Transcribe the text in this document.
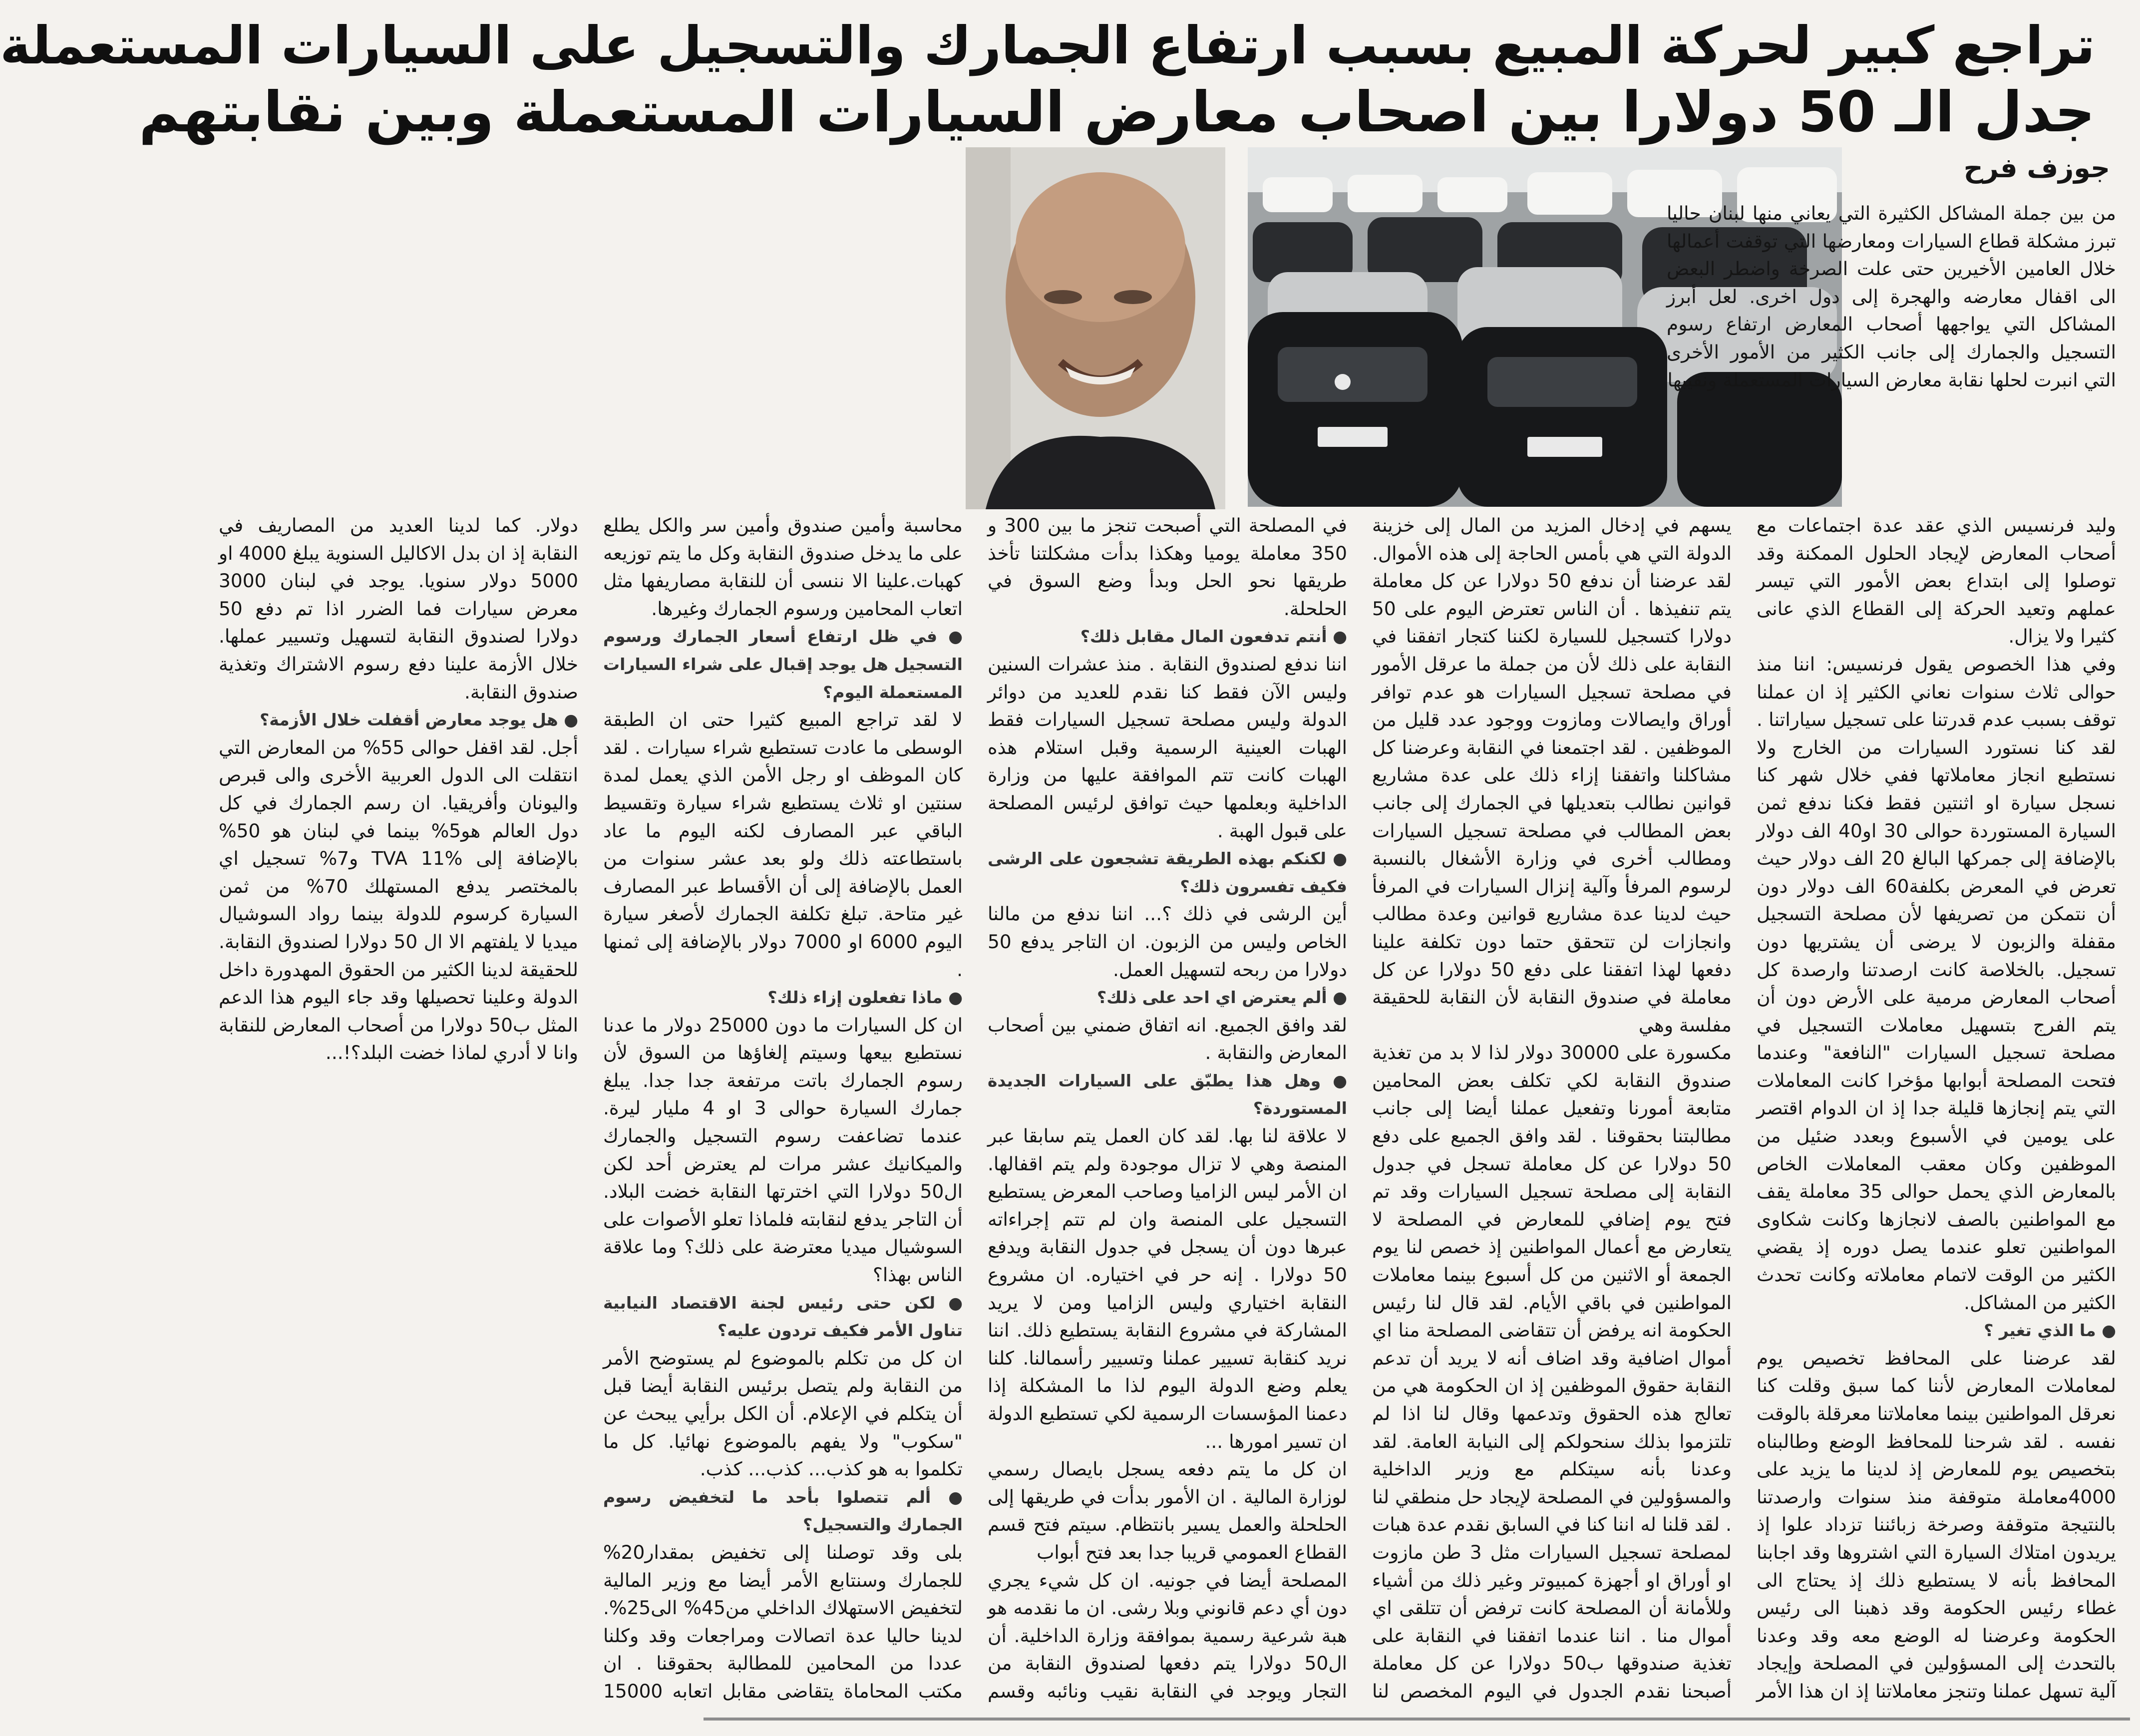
تراجع كبير لحركة المبيع بسبب ارتفاع الجمارك والتسجيل على السيارات المستعملة
جدل الـ 50 دولارا بين اصحاب معارض السيارات المستعملة وبين نقابتهم
جوزف فرح

من بين جملة المشاكل الكثيرة التي يعاني منها لبنان حاليا تبرز مشكلة قطاع السيارات ومعارضها التي توقفت أعمالها خلال العامين الأخيرين حتى علت الصرخة واضطر البعض الى اقفال معارضه والهجرة إلى دول اخرى. لعل أبرز المشاكل التي يواجهها أصحاب المعارض ارتفاع رسوم التسجيل والجمارك إلى جانب الكثير من الأمور الأخرى التي انبرت لحلها نقابة معارض السيارات المستعملة ونقيبها

وليد فرنسيس الذي عقد عدة اجتماعات مع أصحاب المعارض لإيجاد الحلول الممكنة وقد توصلوا إلى ابتداع بعض الأمور التي تيسر عملهم وتعيد الحركة إلى القطاع الذي عانى كثيرا ولا يزال.

وفي هذا الخصوص يقول فرنسيس: اننا منذ حوالى ثلاث سنوات نعاني الكثير إذ ان عملنا توقف بسبب عدم قدرتنا على تسجيل سياراتنا . لقد كنا نستورد السيارات من الخارج ولا نستطيع انجاز معاملاتها ففي خلال شهر كنا نسجل سيارة او اثنتين فقط فكنا ندفع ثمن السيارة المستوردة حوالى 30 او40 الف دولار بالإضافة إلى جمركها البالغ 20 الف دولار حيث تعرض في المعرض بكلفة60 الف دولار دون أن نتمكن من تصريفها لأن مصلحة التسجيل مقفلة والزبون لا يرضى أن يشتريها دون تسجيل. بالخلاصة كانت ارصدتنا وارصدة كل أصحاب المعارض مرمية على الأرض دون أن يتم الفرج بتسهيل معاملات التسجيل في مصلحة تسجيل السيارات "النافعة" وعندما فتحت المصلحة أبوابها مؤخرا كانت المعاملات التي يتم إنجازها قليلة جدا إذ ان الدوام اقتصر على يومين في الأسبوع وبعدد ضئيل من الموظفين وكان معقب المعاملات الخاص بالمعارض الذي يحمل حوالى 35 معاملة يقف مع المواطنين بالصف لانجازها وكانت شكاوى المواطنين تعلو عندما يصل دوره إذ يقضي الكثير من الوقت لاتمام معاملاته وكانت تحدث الكثير من المشاكل.

● ما الذي تغير ؟

لقد عرضنا على المحافظ تخصيص يوم لمعاملات المعارض لأننا كما سبق وقلت كنا نعرقل المواطنين بينما معاملاتنا معرقلة بالوقت نفسه . لقد شرحنا للمحافظ الوضع وطالبناه بتخصيص يوم للمعارض إذ لدينا ما يزيد على 4000معاملة متوقفة منذ سنوات وارصدتنا بالنتيجة متوقفة وصرخة زبائننا تزداد علوا إذ يريدون امتلاك السيارة التي اشتروها وقد اجابنا المحافظ بأنه لا يستطيع ذلك إذ يحتاج الى غطاء رئيس الحكومة وقد ذهبنا الى رئيس الحكومة وعرضنا له الوضع معه وقد وعدنا بالتحدث إلى المسؤولين في المصلحة وإيجاد آلية تسهل عملنا وتنجز معاملاتنا إذ ان هذا الأمر يسهم في إدخال المزيد من المال إلى خزينة الدولة التي هي بأمس الحاجة إلى هذه الأموال. لقد عرضنا أن ندفع 50 دولارا عن كل معاملة يتم تنفيذها . أن الناس تعترض اليوم على 50 دولارا كتسجيل للسيارة لكننا كتجار اتفقنا في النقابة على ذلك لأن من جملة ما عرقل الأمور في مصلحة تسجيل السيارات هو عدم توافر أوراق وايصالات ومازوت ووجود عدد قليل من الموظفين . لقد اجتمعنا في النقابة وعرضنا كل مشاكلنا واتفقنا إزاء ذلك على عدة مشاريع قوانين نطالب بتعديلها في الجمارك إلى جانب بعض المطالب في مصلحة تسجيل السيارات ومطالب أخرى في وزارة الأشغال بالنسبة لرسوم المرفأ وآلية إنزال السيارات في المرفأ حيث لدينا عدة مشاريع قوانين وعدة مطالب وانجازات لن تتحقق حتما دون تكلفة علينا دفعها لهذا اتفقنا على دفع 50 دولارا عن كل معاملة في صندوق النقابة لأن النقابة للحقيقة مفلسة وهي

مكسورة على 30000 دولار لذا لا بد من تغذية صندوق النقابة لكي تكلف بعض المحامين متابعة أمورنا وتفعيل عملنا أيضا إلى جانب مطالبتنا بحقوقنا . لقد وافق الجميع على دفع 50 دولارا عن كل معاملة تسجل في جدول النقابة إلى مصلحة تسجيل السيارات وقد تم فتح يوم إضافي للمعارض في المصلحة لا يتعارض مع أعمال المواطنين إذ خصص لنا يوم الجمعة أو الاثنين من كل أسبوع بينما معاملات المواطنين في باقي الأيام. لقد قال لنا رئيس الحكومة انه يرفض أن تتقاضى المصلحة منا اي أموال اضافية وقد اضاف أنه لا يريد أن تدعم النقابة حقوق الموظفين إذ ان الحكومة هي من تعالج هذه الحقوق وتدعمها وقال لنا اذا لم تلتزموا بذلك سنحولكم إلى النيابة العامة. لقد وعدنا بأنه سيتكلم مع وزير الداخلية والمسؤولين في المصلحة لإيجاد حل منطقي لنا . لقد قلنا له اننا كنا في السابق نقدم عدة هبات لمصلحة تسجيل السيارات مثل 3 طن مازوت او أوراق او أجهزة كمبيوتر وغير ذلك من أشياء وللأمانة أن المصلحة كانت ترفض أن تتلقى اي أموال منا . اننا عندما اتفقنا في النقابة على تغذية صندوقها ب50 دولارا عن كل معاملة أصبحنا نقدم الجدول في اليوم المخصص لنا في المصلحة التي أصبحت تنجز ما بين 300 و 350 معاملة يوميا وهكذا بدأت مشكلتنا تأخذ طريقها نحو الحل وبدأ وضع السوق في الحلحلة.

● أنتم تدفعون المال مقابل ذلك؟

اننا ندفع لصندوق النقابة . منذ عشرات السنين وليس الآن فقط كنا نقدم للعديد من دوائر الدولة وليس مصلحة تسجيل السيارات فقط الهبات العينية الرسمية وقبل استلام هذه الهبات كانت تتم الموافقة عليها من وزارة الداخلية وبعلمها حيث توافق لرئيس المصلحة على قبول الهبة .

● لكنكم بهذه الطريقة تشجعون على الرشى فكيف تفسرون ذلك؟

أين الرشى في ذلك ؟... اننا ندفع من مالنا الخاص وليس من الزبون. ان التاجر يدفع 50 دولارا من ربحه لتسهيل العمل.

● ألم يعترض اي احد على ذلك؟

لقد وافق الجميع. انه اتفاق ضمني بين أصحاب المعارض والنقابة .

● وهل هذا يطبّق على السيارات الجديدة المستوردة؟

لا علاقة لنا بها. لقد كان العمل يتم سابقا عبر المنصة وهي لا تزال موجودة ولم يتم اقفالها. ان الأمر ليس الزاميا وصاحب المعرض يستطيع التسجيل على المنصة وان لم تتم إجراءاته عبرها دون أن يسجل في جدول النقابة ويدفع 50 دولارا . إنه حر في اختياره. ان مشروع النقابة اختياري وليس الزاميا ومن لا يريد المشاركة في مشروع النقابة يستطيع ذلك. اننا نريد كنقابة تسيير عملنا وتسيير رأسمالنا. كلنا يعلم وضع الدولة اليوم لذا ما المشكلة إذا دعمنا المؤسسات الرسمية لكي تستطيع الدولة ان تسير امورها ...

ان كل ما يتم دفعه يسجل بايصال رسمي لوزارة المالية . ان الأمور بدأت في طريقها إلى الحلحلة والعمل يسير بانتظام. سيتم فتح قسم القطاع العمومي قريبا جدا بعد فتح أبواب

المصلحة أيضا في جونيه. ان كل شيء يجري دون أي دعم قانوني وبلا رشى. ان ما نقدمه هو هبة شرعية رسمية بموافقة وزارة الداخلية. أن ال50 دولارا يتم دفعها لصندوق النقابة من التجار ويوجد في النقابة نقيب ونائبه وقسم محاسبة وأمين صندوق وأمين سر والكل يطلع على ما يدخل صندوق النقابة وكل ما يتم توزيعه كهبات.علينا الا ننسى أن للنقابة مصاريفها مثل اتعاب المحامين ورسوم الجمارك وغيرها.

● في ظل ارتفاع أسعار الجمارك ورسوم التسجيل هل يوجد إقبال على شراء السيارات المستعملة اليوم؟

لا لقد تراجع المبيع كثيرا حتى ان الطبقة الوسطى ما عادت تستطيع شراء سيارات . لقد كان الموظف او رجل الأمن الذي يعمل لمدة سنتين او ثلاث يستطيع شراء سيارة وتقسيط الباقي عبر المصارف لكنه اليوم ما عاد باستطاعته ذلك ولو بعد عشر سنوات من العمل بالإضافة إلى أن الأقساط عبر المصارف غير متاحة. تبلغ تكلفة الجمارك لأصغر سيارة اليوم 6000 او 7000 دولار بالإضافة إلى ثمنها .

● ماذا تفعلون إزاء ذلك؟

ان كل السيارات ما دون 25000 دولار ما عدنا نستطيع بيعها وسيتم إلغاؤها من السوق لأن رسوم الجمارك باتت مرتفعة جدا جدا. يبلغ جمارك السيارة حوالى 3 او 4 مليار ليرة. عندما تضاعفت رسوم التسجيل والجمارك والميكانيك عشر مرات لم يعترض أحد لكن ال50 دولارا التي اخترتها النقابة خضت البلاد. أن التاجر يدفع لنقابته فلماذا تعلو الأصوات على السوشيال ميديا معترضة على ذلك؟ وما علاقة الناس بهذا؟

● لكن حتى رئيس لجنة الاقتصاد النيابية تناول الأمر فكيف تردون عليه؟

ان كل من تكلم بالموضوع لم يستوضح الأمر من النقابة ولم يتصل برئيس النقابة أيضا قبل أن يتكلم في الإعلام. أن الكل برأيي يبحث عن "سكوب" ولا يفهم بالموضوع نهائيا. كل ما تكلموا به هو كذب... كذب... كذب.

● ألم تتصلوا بأحد ما لتخفيض رسوم الجمارك والتسجيل؟

بلى وقد توصلنا إلى تخفيض بمقدار20% للجمارك وسنتابع الأمر أيضا مع وزير المالية لتخفيض الاستهلاك الداخلي من45% الى25%. لدينا حاليا عدة اتصالات ومراجعات وقد وكلنا عددا من المحامين للمطالبة بحقوقنا . ان مكتب المحاماة يتقاضى مقابل اتعابه 15000 دولار. كما لدينا العديد من المصاريف في النقابة إذ ان بدل الاكاليل السنوية يبلغ 4000 او 5000 دولار سنويا. يوجد في لبنان 3000 معرض سيارات فما الضرر اذا تم دفع 50 دولارا لصندوق النقابة لتسهيل وتسيير عملها. خلال الأزمة علينا دفع رسوم الاشتراك وتغذية صندوق النقابة.

● هل يوجد معارض أقفلت خلال الأزمة؟

أجل. لقد اقفل حوالى 55% من المعارض التي انتقلت الى الدول العربية الأخرى والى قبرص واليونان وأفريقيا. ان رسم الجمارك في كل دول العالم هو5% بينما في لبنان هو 50% بالإضافة إلى TVA 11% و7% تسجيل اي بالمختصر يدفع المستهلك 70% من ثمن السيارة كرسوم للدولة بينما رواد السوشيال ميديا لا يلفتهم الا ال 50 دولارا لصندوق النقابة. للحقيقة لدينا الكثير من الحقوق المهدورة داخل الدولة وعلينا تحصيلها وقد جاء اليوم هذا الدعم المثل ب50 دولارا من أصحاب المعارض للنقابة وانا لا أدري لماذا خضت البلد؟!...
